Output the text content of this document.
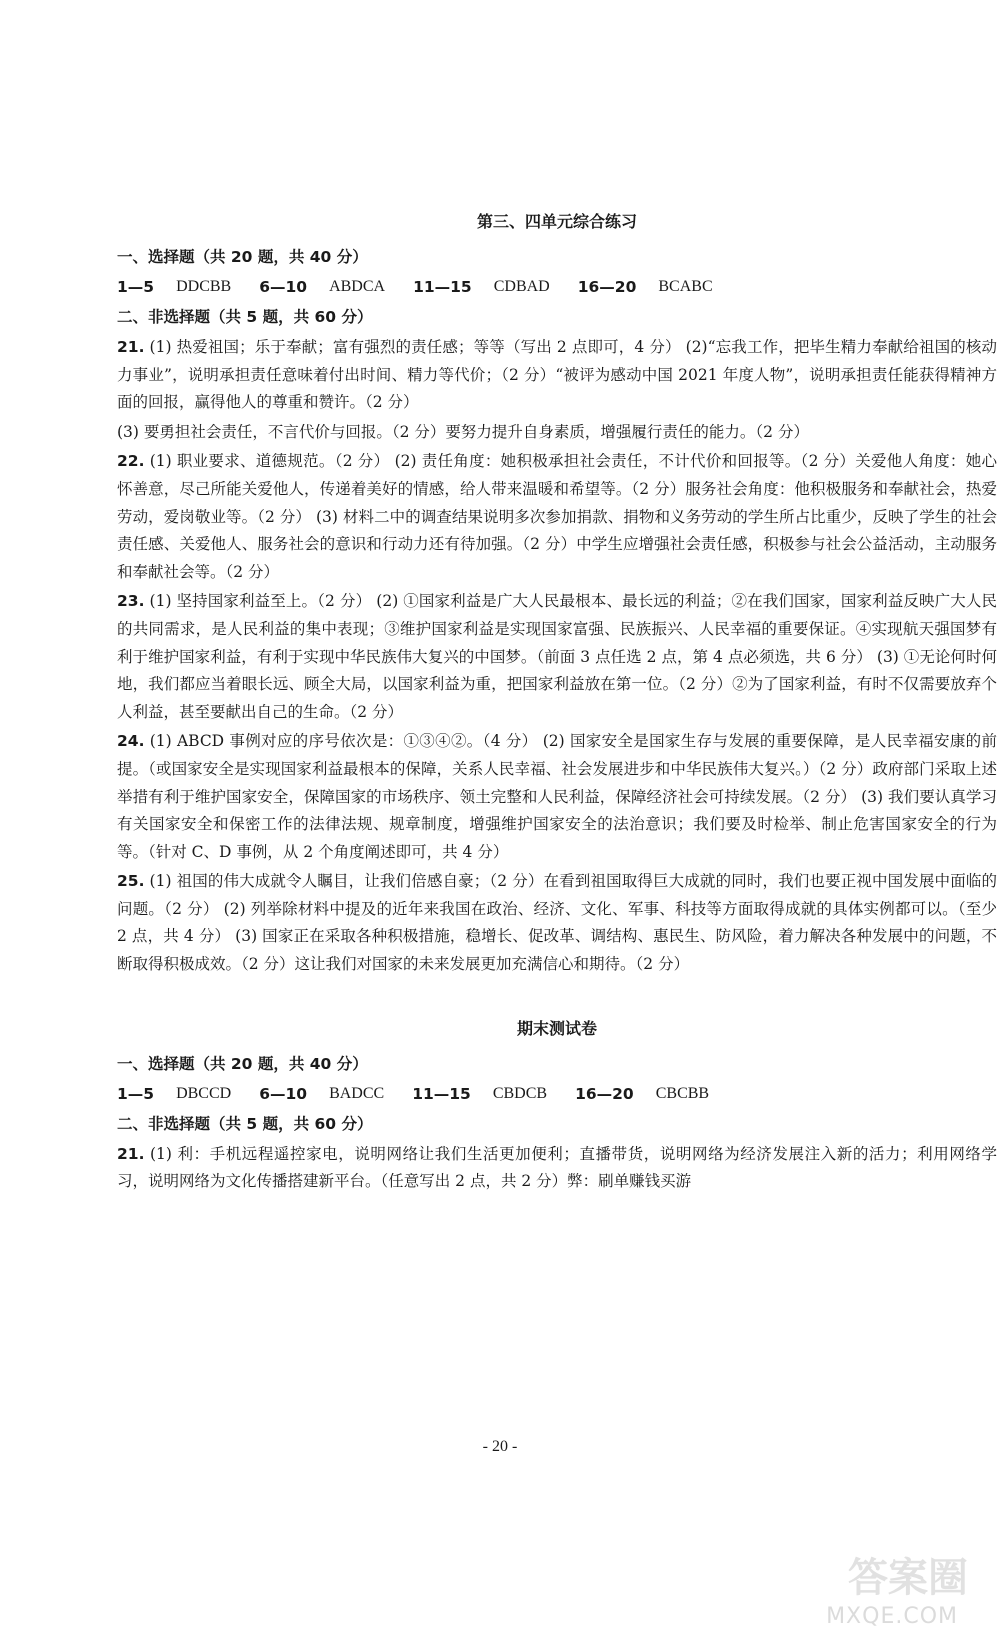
第三、四单元综合练习
一、选择题（共 20 题，共 40 分）
1—5 DDCBB 6—10 ABDCA 11—15 CDBAD 16—20 BCABC
二、非选择题（共 5 题，共 60 分）
21. (1) 热爱祖国；乐于奉献；富有强烈的责任感；等等（写出 2 点即可，4 分） (2)“忘我工作，把毕生精力奉献给祖国的核动力事业”，说明承担责任意味着付出时间、精力等代价；（2 分）“被评为感动中国 2021 年度人物”，说明承担责任能获得精神方面的回报，赢得他人的尊重和赞许。（2 分）
(3) 要勇担社会责任，不言代价与回报。（2 分）要努力提升自身素质，增强履行责任的能力。（2 分）
22. (1) 职业要求、道德规范。（2 分） (2) 责任角度：她积极承担社会责任，不计代价和回报等。（2 分）关爱他人角度：她心怀善意，尽己所能关爱他人，传递着美好的情感，给人带来温暖和希望等。（2 分）服务社会角度：他积极服务和奉献社会，热爱劳动，爱岗敬业等。（2 分） (3) 材料二中的调查结果说明多次参加捐款、捐物和义务劳动的学生所占比重少，反映了学生的社会责任感、关爱他人、服务社会的意识和行动力还有待加强。（2 分）中学生应增强社会责任感，积极参与社会公益活动，主动服务和奉献社会等。（2 分）
23. (1) 坚持国家利益至上。（2 分） (2) ①国家利益是广大人民最根本、最长远的利益；②在我们国家，国家利益反映广大人民的共同需求，是人民利益的集中表现；③维护国家利益是实现国家富强、民族振兴、人民幸福的重要保证。④实现航天强国梦有利于维护国家利益，有利于实现中华民族伟大复兴的中国梦。（前面 3 点任选 2 点，第 4 点必须选，共 6 分） (3) ①无论何时何地，我们都应当着眼长远、顾全大局，以国家利益为重，把国家利益放在第一位。（2 分）②为了国家利益，有时不仅需要放弃个人利益，甚至要献出自己的生命。（2 分）
24. (1) ABCD 事例对应的序号依次是：①③④②。（4 分） (2) 国家安全是国家生存与发展的重要保障，是人民幸福安康的前提。（或国家安全是实现国家利益最根本的保障，关系人民幸福、社会发展进步和中华民族伟大复兴。）（2 分）政府部门采取上述举措有利于维护国家安全，保障国家的市场秩序、领土完整和人民利益，保障经济社会可持续发展。（2 分） (3) 我们要认真学习有关国家安全和保密工作的法律法规、规章制度，增强维护国家安全的法治意识；我们要及时检举、制止危害国家安全的行为等。（针对 C、D 事例，从 2 个角度阐述即可，共 4 分）
25. (1) 祖国的伟大成就令人瞩目，让我们倍感自豪；（2 分）在看到祖国取得巨大成就的同时，我们也要正视中国发展中面临的问题。（2 分） (2) 列举除材料中提及的近年来我国在政治、经济、文化、军事、科技等方面取得成就的具体实例都可以。（至少 2 点，共 4 分） (3) 国家正在采取各种积极措施，稳增长、促改革、调结构、惠民生、防风险，着力解决各种发展中的问题，不断取得积极成效。（2 分）这让我们对国家的未来发展更加充满信心和期待。（2 分）
期末测试卷
一、选择题（共 20 题，共 40 分）
1—5 DBCCD 6—10 BADCC 11—15 CBDCB 16—20 CBCBB
二、非选择题（共 5 题，共 60 分）
21. (1) 利：手机远程遥控家电，说明网络让我们生活更加便利；直播带货，说明网络为经济发展注入新的活力；利用网络学习，说明网络为文化传播搭建新平台。（任意写出 2 点，共 2 分）弊：刷单赚钱买游
- 20 -
答案圈
MXQE.COM
